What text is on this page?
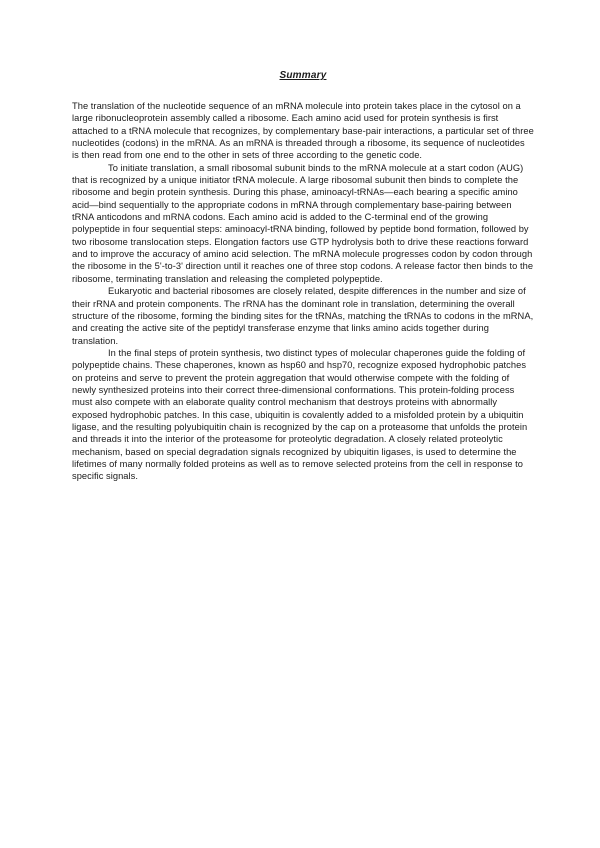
Summary

The translation of the nucleotide sequence of an mRNA molecule into protein takes place in the cytosol on a large ribonucleoprotein assembly called a ribosome. Each amino acid used for protein synthesis is first attached to a tRNA molecule that recognizes, by complementary base-pair interactions, a particular set of three nucleotides (codons) in the mRNA. As an mRNA is threaded through a ribosome, its sequence of nucleotides is then read from one end to the other in sets of three according to the genetic code.

To initiate translation, a small ribosomal subunit binds to the mRNA molecule at a start codon (AUG) that is recognized by a unique initiator tRNA molecule. A large ribosomal subunit then binds to complete the ribosome and begin protein synthesis. During this phase, aminoacyl-tRNAs—each bearing a specific amino acid—bind sequentially to the appropriate codons in mRNA through complementary base-pairing between tRNA anticodons and mRNA codons. Each amino acid is added to the C-terminal end of the growing polypeptide in four sequential steps: aminoacyl-tRNA binding, followed by peptide bond formation, followed by two ribosome translocation steps. Elongation factors use GTP hydrolysis both to drive these reactions forward and to improve the accuracy of amino acid selection. The mRNA molecule progresses codon by codon through the ribosome in the 5'-to-3' direction until it reaches one of three stop codons. A release factor then binds to the ribosome, terminating translation and releasing the completed polypeptide.

Eukaryotic and bacterial ribosomes are closely related, despite differences in the number and size of their rRNA and protein components. The rRNA has the dominant role in translation, determining the overall structure of the ribosome, forming the binding sites for the tRNAs, matching the tRNAs to codons in the mRNA, and creating the active site of the peptidyl transferase enzyme that links amino acids together during translation.

In the final steps of protein synthesis, two distinct types of molecular chaperones guide the folding of polypeptide chains. These chaperones, known as hsp60 and hsp70, recognize exposed hydrophobic patches on proteins and serve to prevent the protein aggregation that would otherwise compete with the folding of newly synthesized proteins into their correct three-dimensional conformations. This protein-folding process must also compete with an elaborate quality control mechanism that destroys proteins with abnormally exposed hydrophobic patches. In this case, ubiquitin is covalently added to a misfolded protein by a ubiquitin ligase, and the resulting polyubiquitin chain is recognized by the cap on a proteasome that unfolds the protein and threads it into the interior of the proteasome for proteolytic degradation. A closely related proteolytic mechanism, based on special degradation signals recognized by ubiquitin ligases, is used to determine the lifetimes of many normally folded proteins as well as to remove selected proteins from the cell in response to specific signals.
